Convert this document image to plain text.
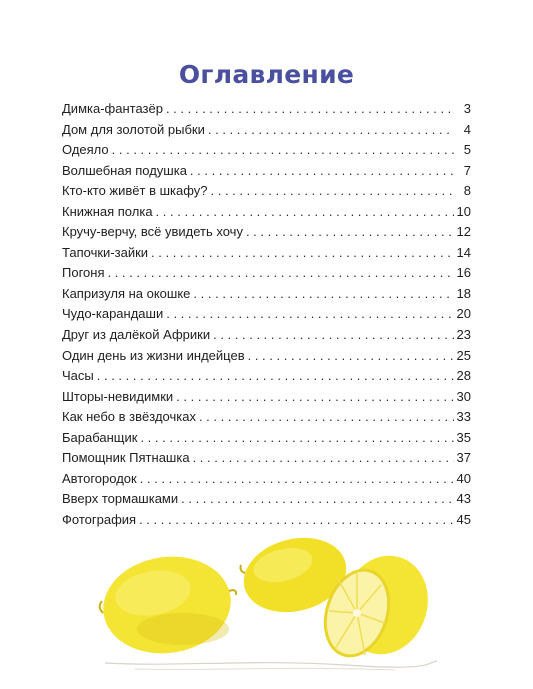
Оглавление
Димка-фантазёр . . .	3
Дом для золотой рыбки . . .	4
Одеяло . . .	5
Волшебная подушка . . .	7
Кто-кто живёт в шкафу? . . .	8
Книжная полка . . .	10
Кручу-верчу, всё увидеть хочу . . .	12
Тапочки-зайки . . .	14
Погоня . . .	16
Капризуля на окошке . . .	18
Чудо-карандаши . . .	20
Друг из далёкой Африки . . .	23
Один день из жизни индейцев . . .	25
Часы . . .	28
Шторы-невидимки . . .	30
Как небо в звёздочках . . .	33
Барабанщик . . .	35
Помощник Пятнашка . . .	37
Автогородок . . .	40
Вверх тормашками . . .	43
Фотография . . .	45
